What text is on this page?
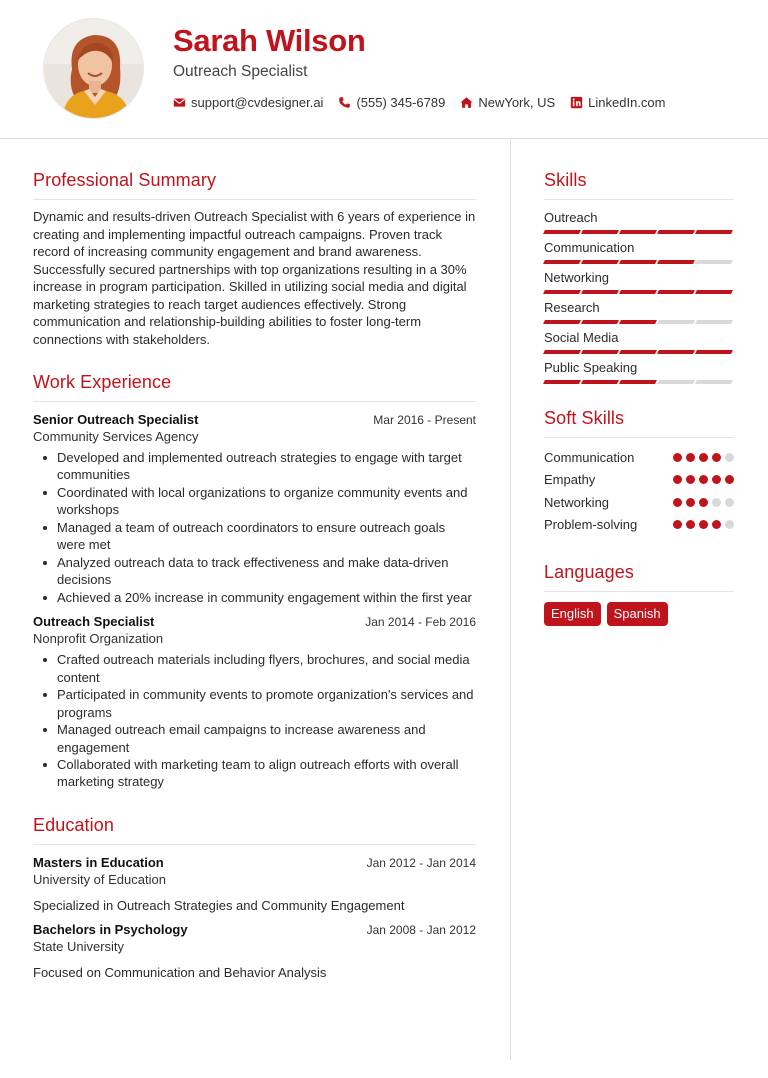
Sarah Wilson
Outreach Specialist
support@cvdesigner.ai	(555) 345-6789	NewYork, US	LinkedIn.com
Professional Summary

Dynamic and results-driven Outreach Specialist with 6 years of experience in creating and implementing impactful outreach campaigns. Proven track record of increasing community engagement and brand awareness. Successfully secured partnerships with top organizations resulting in a 30% increase in program participation. Skilled in utilizing social media and digital marketing strategies to reach target audiences effectively. Strong communication and relationship-building abilities to foster long-term connections with stakeholders.

Work Experience
Senior Outreach Specialist	Mar 2016 - Present
Community Services Agency
Developed and implemented outreach strategies to engage with target communities
Coordinated with local organizations to organize community events and workshops
Managed a team of outreach coordinators to ensure outreach goals were met
Analyzed outreach data to track effectiveness and make data-driven decisions
Achieved a 20% increase in community engagement within the first year
Outreach Specialist	Jan 2014 - Feb 2016
Nonprofit Organization
Crafted outreach materials including flyers, brochures, and social media content
Participated in community events to promote organization's services and programs
Managed outreach email campaigns to increase awareness and engagement
Collaborated with marketing team to align outreach efforts with overall marketing strategy
Education
Masters in Education	Jan 2012 - Jan 2014
University of Education
Specialized in Outreach Strategies and Community Engagement
Bachelors in Psychology	Jan 2008 - Jan 2012
State University
Focused on Communication and Behavior Analysis
Skills
Outreach
Communication
Networking
Research
Social Media
Public Speaking
Soft Skills
Communication
Empathy
Networking
Problem-solving
Languages
English	Spanish
